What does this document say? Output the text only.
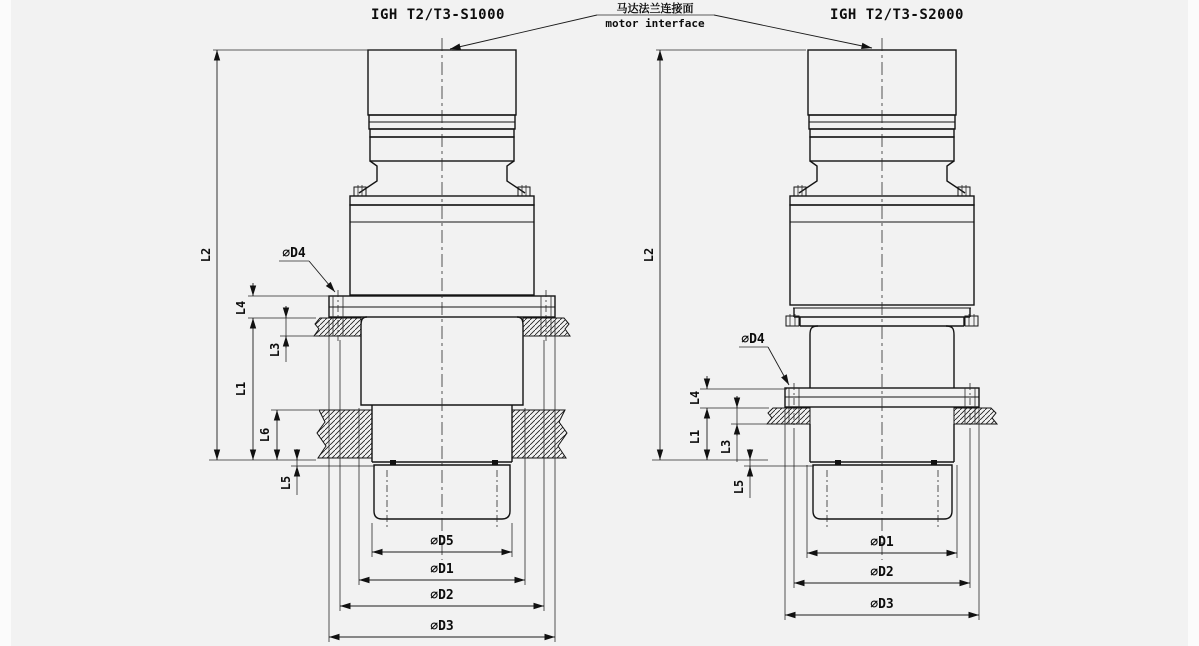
L2
L4
L1
L3
L6
L5
⌀D4
⌀D5
⌀D1
⌀D2
⌀D3
IGH T2/T3-S1000
L2
L4
L1
L3
L5
⌀D4
⌀D1
⌀D2
⌀D3
IGH T2/T3-S2000
马达法兰连接面
motor interface
